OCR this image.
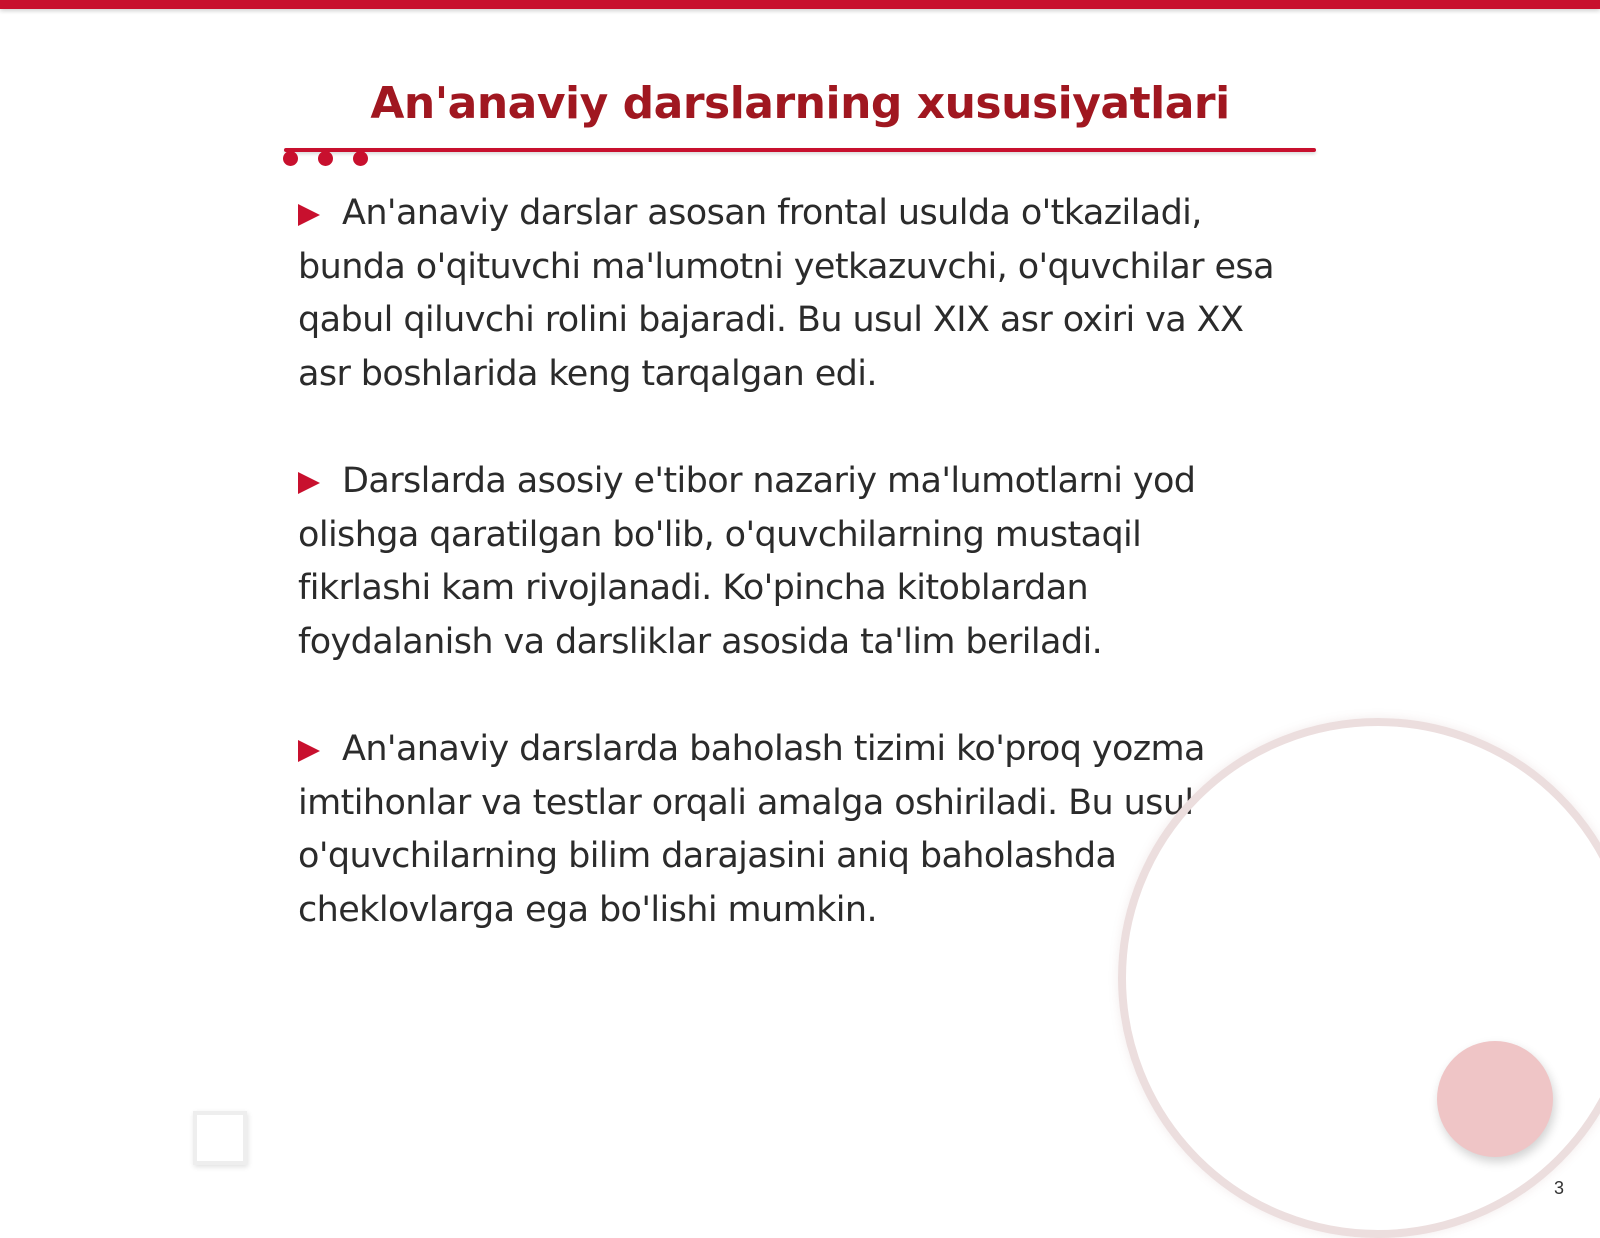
An'anaviy darslarning xususiyatlari

An'anaviy darslar asosan frontal usulda o'tkaziladi, bunda o'qituvchi ma'lumotni yetkazuvchi, o'quvchilar esa qabul qiluvchi rolini bajaradi. Bu usul XIX asr oxiri va XX asr boshlarida keng tarqalgan edi.

Darslarda asosiy e'tibor nazariy ma'lumotlarni yod olishga qaratilgan bo'lib, o'quvchilarning mustaqil fikrlashi kam rivojlanadi. Ko'pincha kitoblardan foydalanish va darsliklar asosida ta'lim beriladi.

An'anaviy darslarda baholash tizimi ko'proq yozma imtihonlar va testlar orqali amalga oshiriladi. Bu usul o'quvchilarning bilim darajasini aniq baholashda cheklovlarga ega bo'lishi mumkin.

3
